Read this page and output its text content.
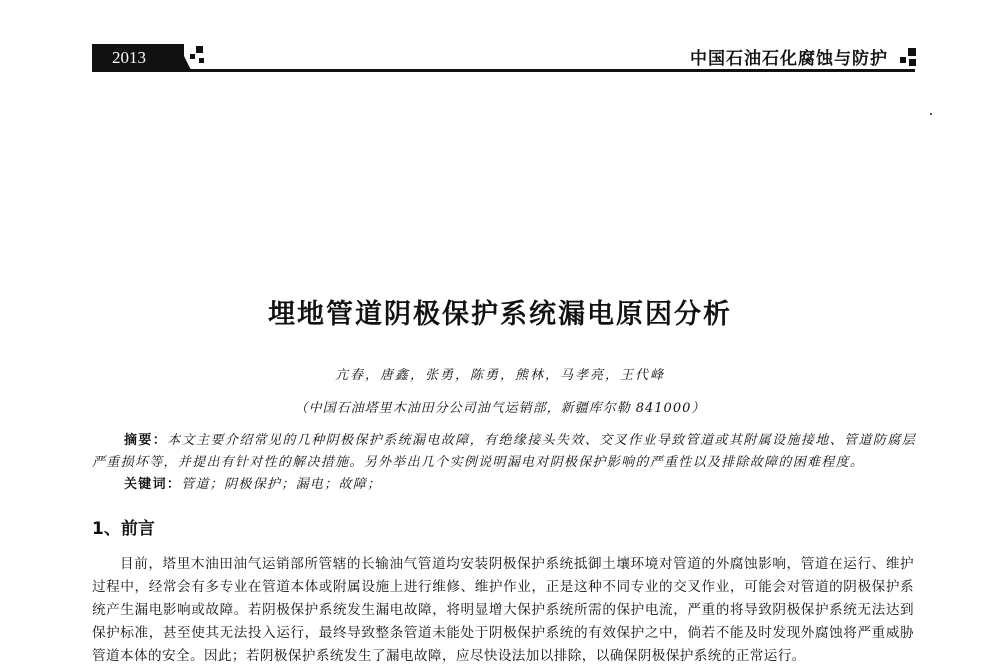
2013	中国石油石化腐蚀与防护
埋地管道阴极保护系统漏电原因分析
亢春，唐鑫，张勇，陈勇，熊林，马孝亮，王代峰
（中国石油塔里木油田分公司油气运销部，新疆库尔勒 841000）
摘要：本文主要介绍常见的几种阴极保护系统漏电故障，有绝缘接头失效、交叉作业导致管道或其附属设施接地、管道防腐层严重损坏等，并提出有针对性的解决措施。另外举出几个实例说明漏电对阴极保护影响的严重性以及排除故障的困难程度。
关键词：管道；阴极保护；漏电；故障；
1、前言

目前，塔里木油田油气运销部所管辖的长输油气管道均安装阴极保护系统抵御土壤环境对管道的外腐蚀影响，管道在运行、维护过程中，经常会有多专业在管道本体或附属设施上进行维修、维护作业，正是这种不同专业的交叉作业，可能会对管道的阴极保护系统产生漏电影响或故障。若阴极保护系统发生漏电故障，将明显增大保护系统所需的保护电流，严重的将导致阴极保护系统无法达到保护标准，甚至使其无法投入运行，最终导致整条管道未能处于阴极保护系统的有效保护之中，倘若不能及时发现外腐蚀将严重威胁管道本体的安全。因此；若阴极保护系统发生了漏电故障，应尽快设法加以排除，以确保阴极保护系统的正常运行。
